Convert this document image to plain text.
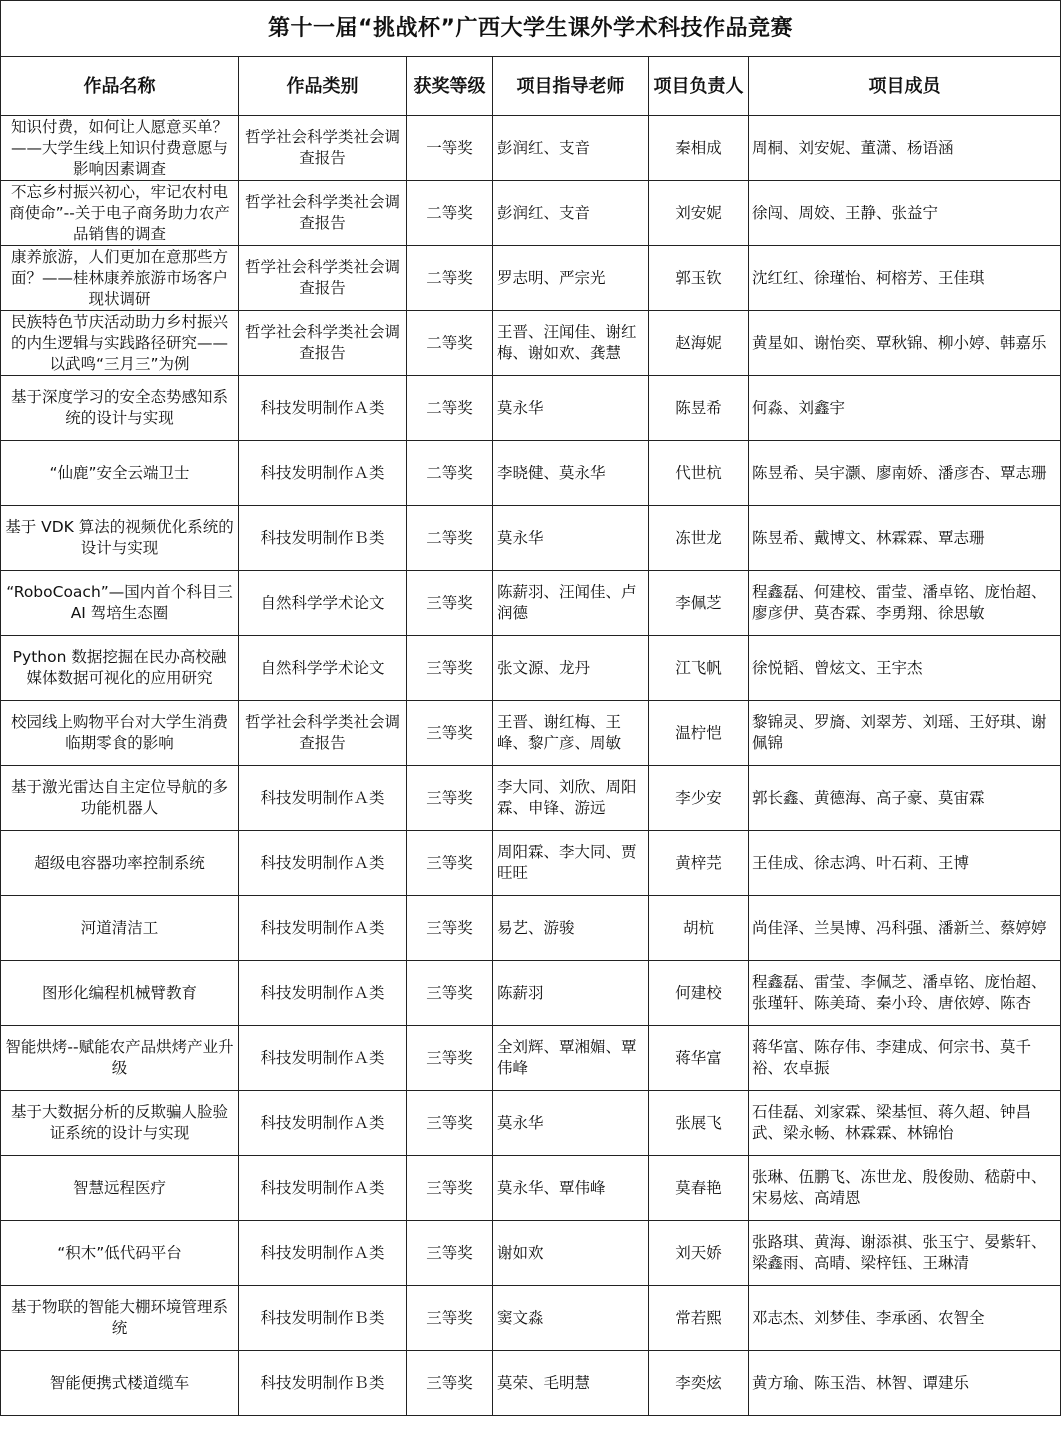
第十一届“挑战杯”广西大学生课外学术科技作品竞赛					
作品名称	作品类别	获奖等级	项目指导老师	项目负责人	项目成员
知识付费，如何让人愿意买单？——大学生线上知识付费意愿与影响因素调查	哲学社会科学类社会调查报告	一等奖	彭润红、支音	秦相成	周桐、刘安妮、董潇、杨语涵
不忘乡村振兴初心，牢记农村电商使命”--关于电子商务助力农产品销售的调查	哲学社会科学类社会调查报告	二等奖	彭润红、支音	刘安妮	徐闯、周姣、王静、张益宁
康养旅游，人们更加在意那些方面？——桂林康养旅游市场客户现状调研	哲学社会科学类社会调查报告	二等奖	罗志明、严宗光	郭玉钦	沈红红、徐瑾怡、柯榕芳、王佳琪
民族特色节庆活动助力乡村振兴的内生逻辑与实践路径研究——以武鸣“三月三”为例	哲学社会科学类社会调查报告	二等奖	王晋、汪闻佳、谢红梅、谢如欢、龚慧	赵海妮	黄星如、谢怡奕、覃秋锦、柳小婷、韩嘉乐
基于深度学习的安全态势感知系统的设计与实现	科技发明制作Ａ类	二等奖	莫永华	陈昱希	何淼、刘鑫宇
“仙鹿”安全云端卫士	科技发明制作Ａ类	二等奖	李晓健、莫永华	代世杭	陈昱希、吴宇灏、廖南娇、潘彦杏、覃志珊
基于 VDK 算法的视频优化系统的设计与实现	科技发明制作Ｂ类	二等奖	莫永华	冻世龙	陈昱希、戴博文、林霖霖、覃志珊
“RoboCoach”—国内首个科目三 AI 驾培生态圈	自然科学学术论文	三等奖	陈薪羽、汪闻佳、卢润德	李佩芝	程鑫磊、何建校、雷莹、潘卓铭、庞怡超、廖彦伊、莫杏霖、李勇翔、徐思敏
Python 数据挖掘在民办高校融媒体数据可视化的应用研究	自然科学学术论文	三等奖	张文源、龙丹	江飞帆	徐悦韬、曾炫文、王宇杰
校园线上购物平台对大学生消费临期零食的影响	哲学社会科学类社会调查报告	三等奖	王晋、谢红梅、王峰、黎广彦、周敏	温柠恺	黎锦灵、罗旖、刘翠芳、刘瑶、王妤琪、谢佩锦
基于激光雷达自主定位导航的多功能机器人	科技发明制作Ａ类	三等奖	李大同、刘欣、周阳霖、申锋、游远	李少安	郭长鑫、黄德海、高子豪、莫宙霖
超级电容器功率控制系统	科技发明制作Ａ类	三等奖	周阳霖、李大同、贾旺旺	黄梓芫	王佳成、徐志鸿、叶石莉、王博
河道清洁工	科技发明制作Ａ类	三等奖	易艺、游骏	胡杭	尚佳泽、兰昊博、冯科强、潘新兰、蔡婷婷
图形化编程机械臂教育	科技发明制作Ａ类	三等奖	陈薪羽	何建校	程鑫磊、雷莹、李佩芝、潘卓铭、庞怡超、张瑾轩、陈美琦、秦小玲、唐依婷、陈杏
智能烘烤--赋能农产品烘烤产业升级	科技发明制作Ａ类	三等奖	全刘辉、覃湘媚、覃伟峰	蒋华富	蒋华富、陈存伟、李建成、何宗书、莫千裕、农卓振
基于大数据分析的反欺骗人脸验证系统的设计与实现	科技发明制作Ａ类	三等奖	莫永华	张展飞	石佳磊、刘家霖、梁基恒、蒋久超、钟昌武、梁永畅、林霖霖、林锦怡
智慧远程医疗	科技发明制作Ａ类	三等奖	莫永华、覃伟峰	莫春艳	张琳、伍鹏飞、冻世龙、殷俊勋、嵇蔚中、宋易炫、高靖恩
“积木”低代码平台	科技发明制作Ａ类	三等奖	谢如欢	刘天娇	张路琪、黄海、谢添祺、张玉宁、晏紫轩、梁鑫雨、高晴、梁梓钰、王琳清
基于物联的智能大棚环境管理系统	科技发明制作Ｂ类	三等奖	窦文淼	常若熙	邓志杰、刘梦佳、李承函、农智全
智能便携式楼道缆车	科技发明制作Ｂ类	三等奖	莫荣、毛明慧	李奕炫	黄方瑜、陈玉浩、林智、谭建乐
